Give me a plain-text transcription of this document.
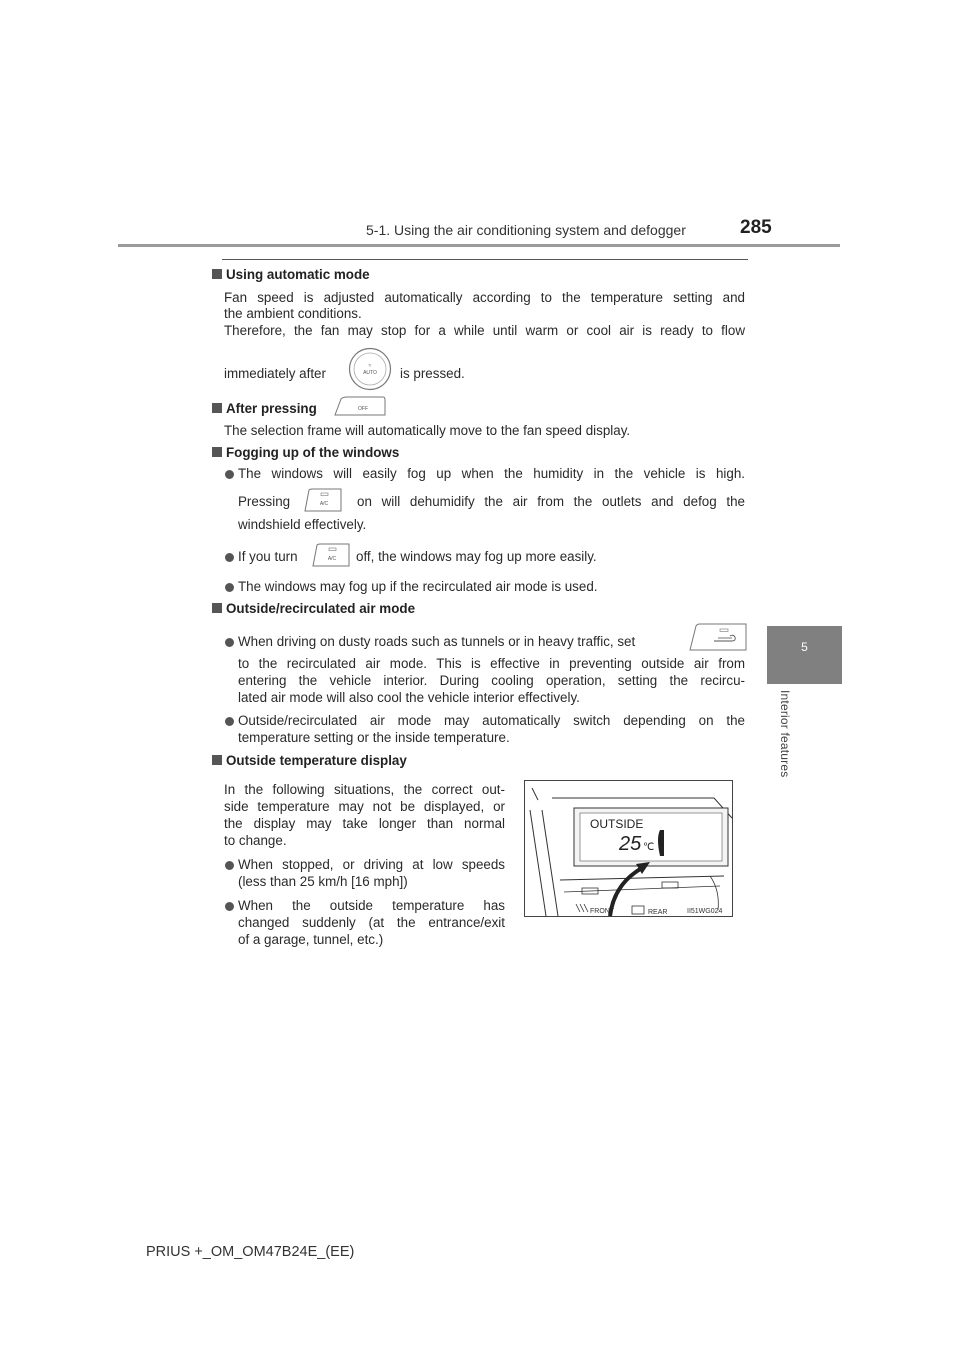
5-1. Using the air conditioning system and defogger	285
5
Interior features
Using automatic mode
Fan speed is adjusted automatically according to the temperature setting and
the ambient conditions.
Therefore, the fan may stop for a while until warm or cool air is ready to flow
immediately after	≈
AUTO is pressed.
After pressing	OFF
The selection frame will automatically move to the fan speed display.
Fogging up of the windows
The windows will easily fog up when the humidity in the vehicle is high.
Pressing	A/C on will dehumidify the air from the outlets and defog the
windshield effectively.
If you turn	A/C off, the windows may fog up more easily.
The windows may fog up if the recirculated air mode is used.
Outside/recirculated air mode
When driving on dusty roads such as tunnels or in heavy traffic, set
to the recirculated air mode. This is effective in preventing outside air from
entering the vehicle interior. During cooling operation, setting the recircu-
lated air mode will also cool the vehicle interior effectively.
Outside/recirculated air mode may automatically switch depending on the
temperature setting or the inside temperature.
Outside temperature display
In the following situations, the correct out-
side temperature may not be displayed, or
the display may take longer than normal
to change.
When stopped, or driving at low speeds
(less than 25 km/h [16 mph])
When the outside temperature has
changed suddenly (at the entrance/exit
of a garage, tunnel, etc.)
OUTSIDE
25 ℃
FRONT	REAR	II51WG024
PRIUS +_OM_OM47B24E_(EE)
